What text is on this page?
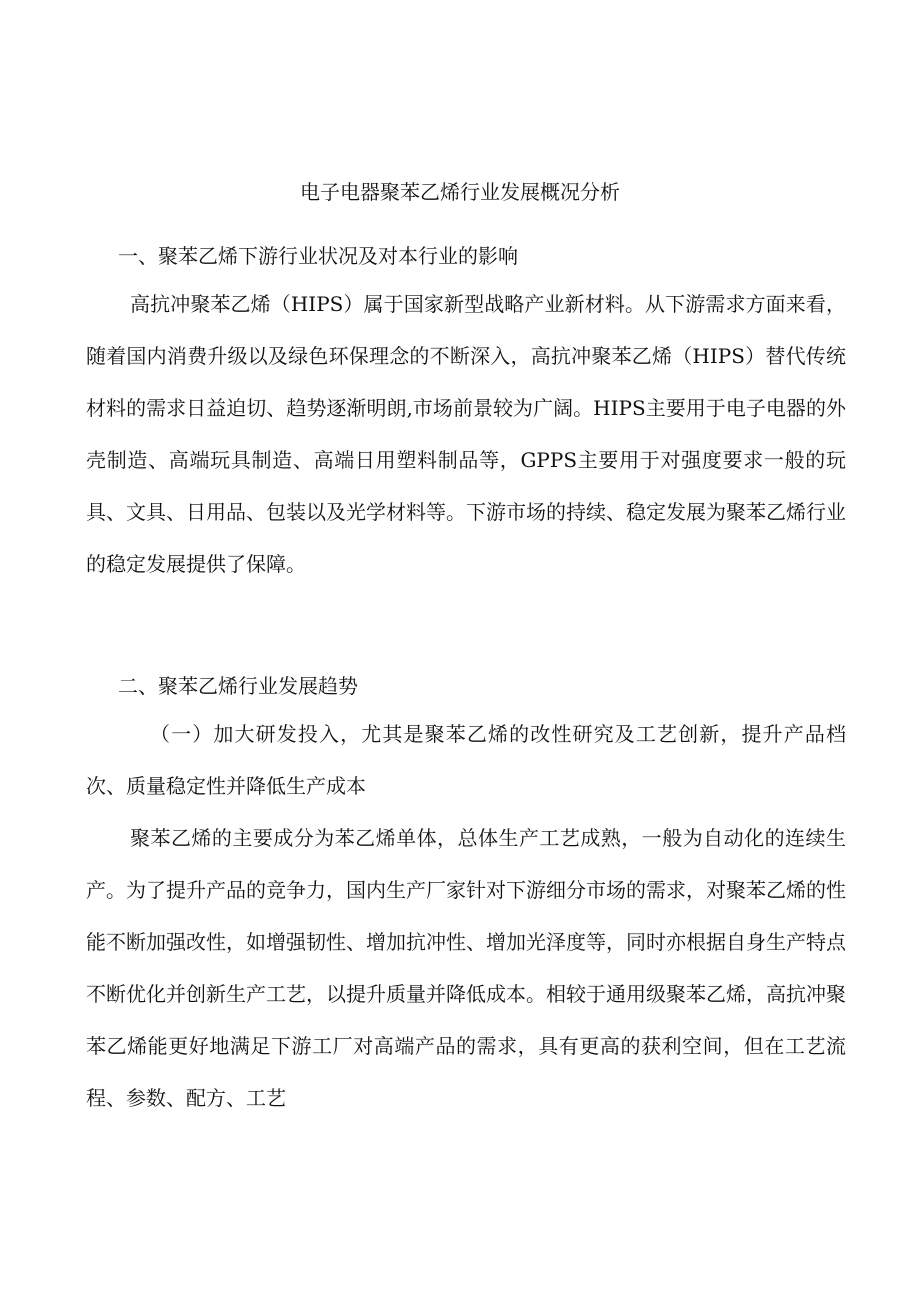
电子电器聚苯乙烯行业发展概况分析
一、聚苯乙烯下游行业状况及对本行业的影响

高抗冲聚苯乙烯（HIPS）属于国家新型战略产业新材料。从下游需求方面来看，随着国内消费升级以及绿色环保理念的不断深入，高抗冲聚苯乙烯（HIPS）替代传统材料的需求日益迫切、趋势逐渐明朗,市场前景较为广阔。HIPS主要用于电子电器的外壳制造、高端玩具制造、高端日用塑料制品等，GPPS主要用于对强度要求一般的玩具、文具、日用品、包装以及光学材料等。下游市场的持续、稳定发展为聚苯乙烯行业的稳定发展提供了保障。

二、聚苯乙烯行业发展趋势

（一）加大研发投入，尤其是聚苯乙烯的改性研究及工艺创新，提升产品档次、质量稳定性并降低生产成本

聚苯乙烯的主要成分为苯乙烯单体，总体生产工艺成熟，一般为自动化的连续生产。为了提升产品的竞争力，国内生产厂家针对下游细分市场的需求，对聚苯乙烯的性能不断加强改性，如增强韧性、增加抗冲性、增加光泽度等，同时亦根据自身生产特点不断优化并创新生产工艺，以提升质量并降低成本。相较于通用级聚苯乙烯，高抗冲聚苯乙烯能更好地满足下游工厂对高端产品的需求，具有更高的获利空间，但在工艺流程、参数、配方、工艺
